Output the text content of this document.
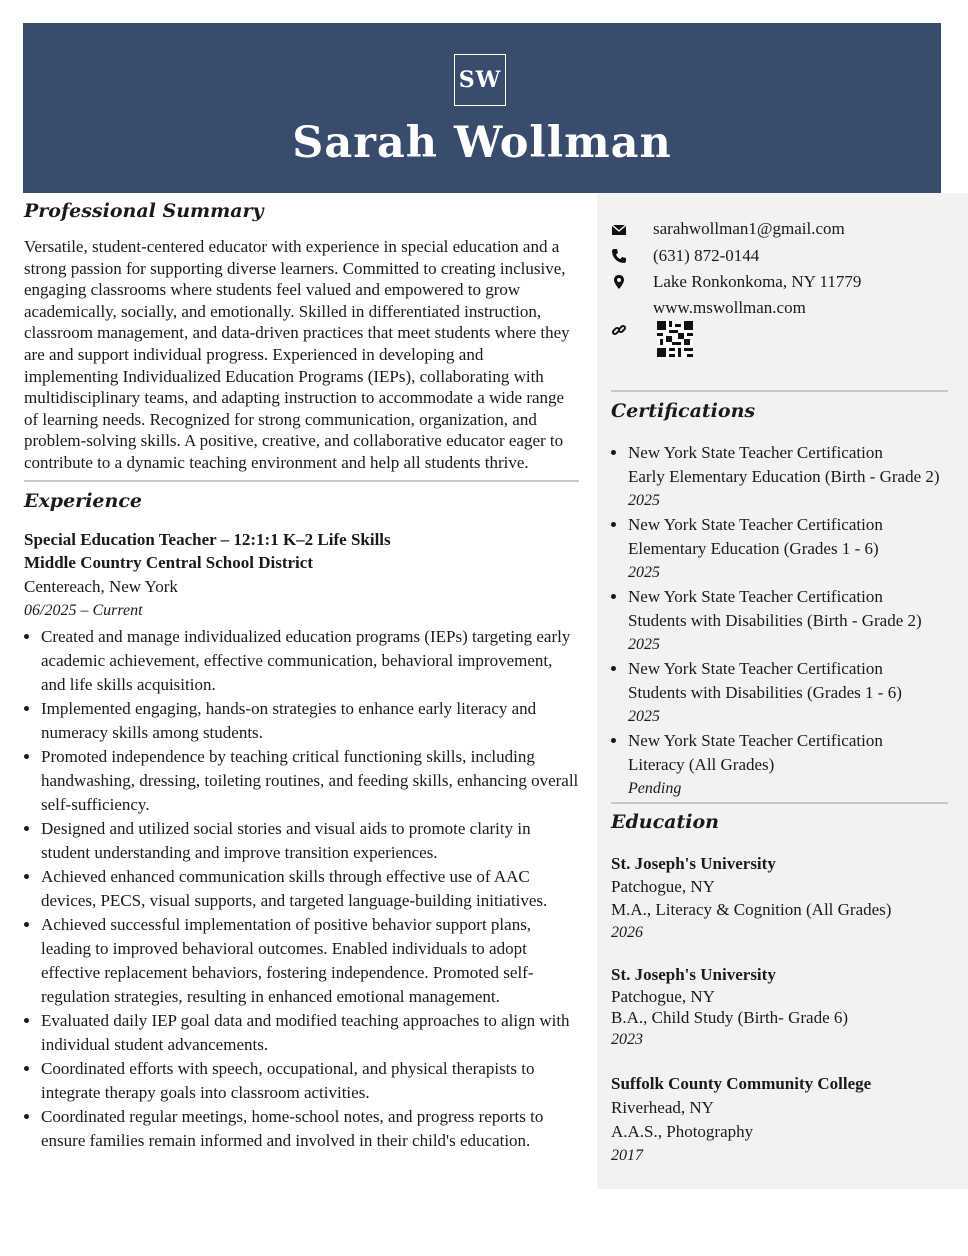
SW
Sarah Wollman
Professional Summary
Versatile, student-centered educator with experience in special education and a strong passion for supporting diverse learners. Committed to creating inclusive, engaging classrooms where students feel valued and empowered to grow academically, socially, and emotionally. Skilled in differentiated instruction, classroom management, and data-driven practices that meet students where they are and support individual progress. Experienced in developing and implementing Individualized Education Programs (IEPs), collaborating with multidisciplinary teams, and adapting instruction to accommodate a wide range of learning needs. Recognized for strong communication, organization, and problem-solving skills. A positive, creative, and collaborative educator eager to contribute to a dynamic teaching environment and help all students thrive.
Experience
Special Education Teacher – 12:1:1 K–2 Life Skills
Middle Country Central School District
Centereach, New York
06/2025 – Current
• Created and manage individualized education programs (IEPs) targeting early academic achievement, effective communication, behavioral improvement, and life skills acquisition.
• Implemented engaging, hands-on strategies to enhance early literacy and numeracy skills among students.
• Promoted independence by teaching critical functioning skills, including handwashing, dressing, toileting routines, and feeding skills, enhancing overall self-sufficiency.
• Designed and utilized social stories and visual aids to promote clarity in student understanding and improve transition experiences.
• Achieved enhanced communication skills through effective use of AAC devices, PECS, visual supports, and targeted language-building initiatives.
• Achieved successful implementation of positive behavior support plans, leading to improved behavioral outcomes. Enabled individuals to adopt effective replacement behaviors, fostering independence. Promoted self-regulation strategies, resulting in enhanced emotional management.
• Evaluated daily IEP goal data and modified teaching approaches to align with individual student advancements.
• Coordinated efforts with speech, occupational, and physical therapists to integrate therapy goals into classroom activities.
• Coordinated regular meetings, home-school notes, and progress reports to ensure families remain informed and involved in their child's education.
sarahwollman1@gmail.com
(631) 872-0144
Lake Ronkonkoma, NY 11779
www.mswollman.com
Certifications
• New York State Teacher Certification
Early Elementary Education (Birth - Grade 2)
2025
• New York State Teacher Certification
Elementary Education (Grades 1 - 6)
2025
• New York State Teacher Certification
Students with Disabilities (Birth - Grade 2)
2025
• New York State Teacher Certification
Students with Disabilities (Grades 1 - 6)
2025
• New York State Teacher Certification
Literacy (All Grades)
Pending
Education
St. Joseph's University
Patchogue, NY
M.A., Literacy & Cognition (All Grades)
2026
St. Joseph's University
Patchogue, NY
B.A., Child Study (Birth- Grade 6)
2023
Suffolk County Community College
Riverhead, NY
A.A.S., Photography
2017
